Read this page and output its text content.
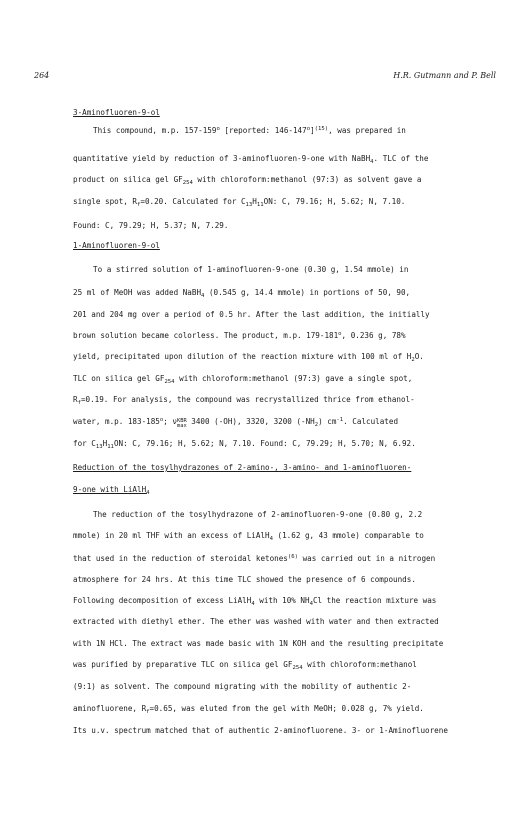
264	H.R. Gutmann and P. Bell
3-Aminofluoren-9-ol
This compound, m.p. 157-159$^o$ [reported: 146-147$^o$]$^{(15)}$, was prepared in
quantitative yield by reduction of 3-aminofluoren-9-one with NaBH$_4$. TLC of the
product on silica gel $GF_{254}$ with chloroform:methanol (97:3) as solvent gave a
single spot, $R_f=0.20$. Calculated for $C_{13}H_{11}ON$: C, 79.16; H, 5.62; N, 7.10.
Found: C, 79.29; H, 5.37; N, 7.29.
1-Aminofluoren-9-ol
To a stirred solution of 1-aminofluoren-9-one (0.30 g, 1.54 mmole) in
25 ml of MeOH was added NaBH$_4$ (0.545 g, 14.4 mmole) in portions of 50, 90,
201 and 204 mg over a period of 0.5 hr. After the last addition, the initially
brown solution became colorless. The product, m.p. 179-181$^o$, 0.236 g, 78%
yield, precipitated upon dilution of the reaction mixture with 100 ml of $H_2O$.
TLC on silica gel $GF_{254}$ with chloroform:methanol (97:3) gave a single spot,
$R_f=0.19$. For analysis, the compound was recrystallized thrice from ethanol-
water, m.p. 183-185$^o$; ν KBR
max 3400 (-OH), 3320, 3200 $(-NH_2)$ $cm^{-1}$. Calculated
for $C_{13}H_{11}ON$: C, 79.16; H, 5.62; N, 7.10. Found: C, 79.29; H, 5.70; N, 6.92.
Reduction of the tosylhydrazones of 2-amino-, 3-amino- and 1-aminofluoren-
9-one with LiAlH$_4$
The reduction of the tosylhydrazone of 2-aminofluoren-9-one (0.80 g, 2.2
mmole) in 20 ml THF with an excess of LiAlH$_4$ (1.62 g, 43 mmole) comparable to
that used in the reduction of steroidal ketones$^{(6)}$ was carried out in a nitrogen
atmosphere for 24 hrs. At this time TLC showed the presence of 6 compounds.
Following decomposition of excess LiAlH$_4$ with 10% $NH_4Cl$ the reaction mixture was
extracted with diethyl ether. The ether was washed with water and then extracted
with 1N HCl. The extract was made basic with 1N KOH and the resulting precipitate
was purified by preparative TLC on silica gel $GF_{254}$ with chloroform:methanol
(9:1) as solvent. The compound migrating with the mobility of authentic 2-
aminofluorene, $R_f=0.65$, was eluted from the gel with MeOH; 0.028 g, 7% yield.
Its u.v. spectrum matched that of authentic 2-aminofluorene. 3- or 1-Aminofluorene
